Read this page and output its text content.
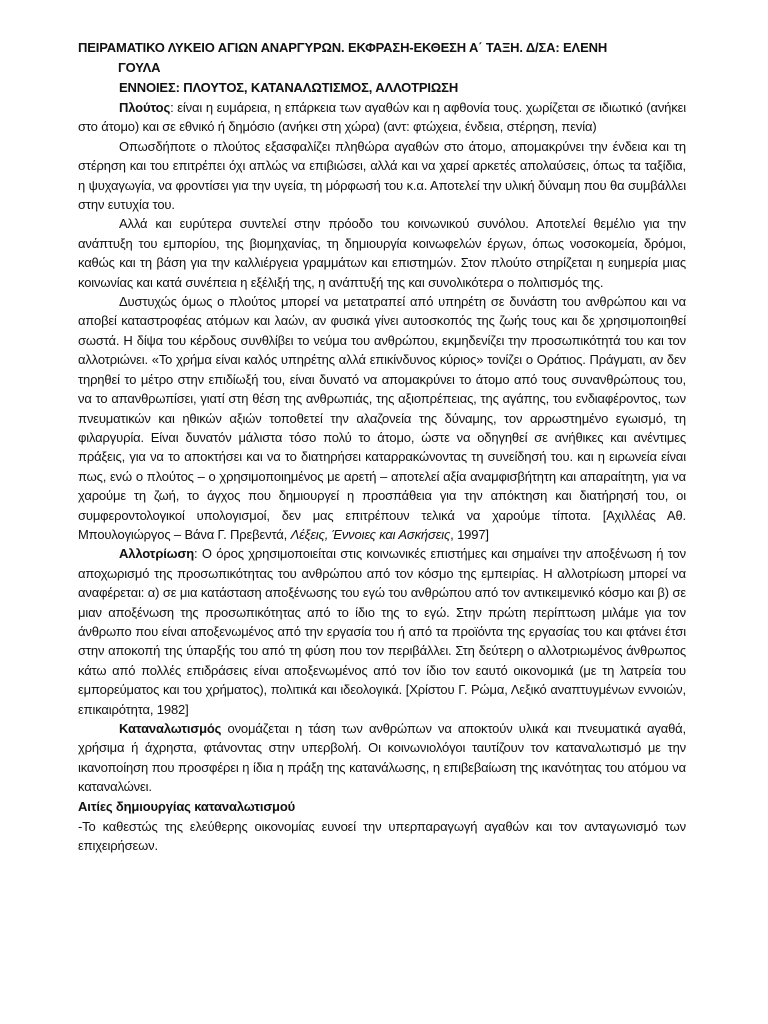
ΠΕΙΡΑΜΑΤΙΚΟ ΛΥΚΕΙΟ ΑΓΙΩΝ ΑΝΑΡΓΥΡΩΝ. ΕΚΦΡΑΣΗ-ΕΚΘΕΣΗ Α΄ ΤΑΞΗ. Δ/ΣΑ: ΕΛΕΝΗ
ΓΟΥΛΑ
ΕΝΝΟΙΕΣ: ΠΛΟΥΤΟΣ, ΚΑΤΑΝΑΛΩΤΙΣΜΟΣ, ΑΛΛΟΤΡΙΩΣΗ

Πλούτος: είναι η ευμάρεια, η επάρκεια των αγαθών και η αφθονία τους. χωρίζεται σε ιδιωτικό (ανήκει στο άτομο) και σε εθνικό ή δημόσιο (ανήκει στη χώρα) (αντ: φτώχεια, ένδεια, στέρηση, πενία)

Οπωσδήποτε ο πλούτος εξασφαλίζει πληθώρα αγαθών στο άτομο, απομακρύνει την ένδεια και τη στέρηση και του επιτρέπει όχι απλώς να επιβιώσει, αλλά και να χαρεί αρκετές απολαύσεις, όπως τα ταξίδια, η ψυχαγωγία, να φροντίσει για την υγεία, τη μόρφωσή του κ.α. Αποτελεί την υλική δύναμη που θα συμβάλλει στην ευτυχία του.

Αλλά και ευρύτερα συντελεί στην πρόοδο του κοινωνικού συνόλου. Αποτελεί θεμέλιο για την ανάπτυξη του εμπορίου, της βιομηχανίας, τη δημιουργία κοινωφελών έργων, όπως νοσοκομεία, δρόμοι, καθώς και τη βάση για την καλλιέργεια γραμμάτων και επιστημών. Στον πλούτο στηρίζεται η ευημερία μιας κοινωνίας και κατά συνέπεια η εξέλιξή της, η ανάπτυξή της και συνολικότερα ο πολιτισμός της.

Δυστυχώς όμως ο πλούτος μπορεί να μετατραπεί από υπηρέτη σε δυνάστη του ανθρώπου και να αποβεί καταστροφέας ατόμων και λαών, αν φυσικά γίνει αυτοσκοπός της ζωής τους και δε χρησιμοποιηθεί σωστά. Η δίψα του κέρδους συνθλίβει το νεύμα του ανθρώπου, εκμηδενίζει την προσωπικότητά του και τον αλλοτριώνει. «Το χρήμα είναι καλός υπηρέτης αλλά επικίνδυνος κύριος» τονίζει ο Οράτιος. Πράγματι, αν δεν τηρηθεί το μέτρο στην επιδίωξή του, είναι δυνατό να απομακρύνει το άτομο από τους συνανθρώπους του, να το απανθρωπίσει, γιατί στη θέση της ανθρωπιάς, της αξιοπρέπειας, της αγάπης, του ενδιαφέροντος, των πνευματικών και ηθικών αξιών τοποθετεί την αλαζονεία της δύναμης, τον αρρωστημένο εγωισμό, τη φιλαργυρία. Είναι δυνατόν μάλιστα τόσο πολύ το άτομο, ώστε να οδηγηθεί σε ανήθικες και ανέντιμες πράξεις, για να το αποκτήσει και να το διατηρήσει καταρρακώνοντας τη συνείδησή του. και η ειρωνεία είναι πως, ενώ ο πλούτος – ο χρησιμοποιημένος με αρετή – αποτελεί αξία αναμφισβήτητη και απαραίτητη, για να χαρούμε τη ζωή, το άγχος που δημιουργεί η προσπάθεια για την απόκτηση και διατήρησή του, οι συμφεροντολογικοί υπολογισμοί, δεν μας επιτρέπουν τελικά να χαρούμε τίποτα. [Αχιλλέας Αθ. Μπουλογιώργος – Βάνα Γ. Πρεβεντά, Λέξεις, Έννοιες και Ασκήσεις, 1997]

Αλλοτρίωση: Ο όρος χρησιμοποιείται στις κοινωνικές επιστήμες και σημαίνει την αποξένωση ή τον αποχωρισμό της προσωπικότητας του ανθρώπου από τον κόσμο της εμπειρίας. Η αλλοτρίωση μπορεί να αναφέρεται: α) σε μια κατάσταση αποξένωσης του εγώ του ανθρώπου από τον αντικειμενικό κόσμο και β) σε μιαν αποξένωση της προσωπικότητας από το ίδιο της το εγώ. Στην πρώτη περίπτωση μιλάμε για τον άνθρωπο που είναι αποξενωμένος από την εργασία του ή από τα προϊόντα της εργασίας του και φτάνει έτσι στην αποκοπή της ύπαρξής του από τη φύση που τον περιβάλλει. Στη δεύτερη ο αλλοτριωμένος άνθρωπος κάτω από πολλές επιδράσεις είναι αποξενωμένος από τον ίδιο τον εαυτό οικονομικά (με τη λατρεία του εμπορεύματος και του χρήματος), πολιτικά και ιδεολογικά. [Χρίστου Γ. Ρώμα, Λεξικό αναπτυγμένων εννοιών, επικαιρότητα, 1982]

Καταναλωτισμός ονομάζεται η τάση των ανθρώπων να αποκτούν υλικά και πνευματικά αγαθά, χρήσιμα ή άχρηστα, φτάνοντας στην υπερβολή. Οι κοινωνιολόγοι ταυτίζουν τον καταναλωτισμό με την ικανοποίηση που προσφέρει η ίδια η πράξη της κατανάλωσης, η επιβεβαίωση της ικανότητας του ατόμου να καταναλώνει.

Αιτίες δημιουργίας καταναλωτισμού

-Το καθεστώς της ελεύθερης οικονομίας ευνοεί την υπερπαραγωγή αγαθών και τον ανταγωνισμό των επιχειρήσεων.
